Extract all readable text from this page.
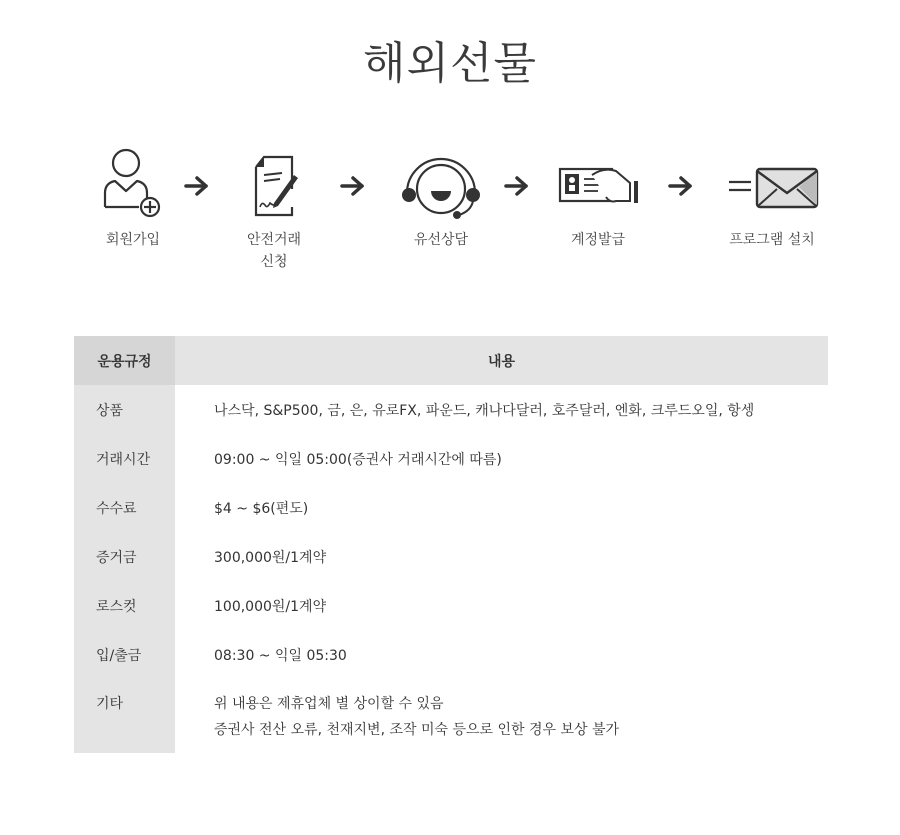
해외선물
회원가입	안전거래
신청
유선상담	계정발급	프로그램 설치
운용규정	내용
상품	나스닥, S&P500, 금, 은, 유로FX, 파운드, 캐나다달러, 호주달러, 엔화, 크루드오일, 항셍
거래시간	09:00 ~ 익일 05:00(증권사 거래시간에 따름)
수수료	$4 ~ $6(편도)
증거금	300,000원/1계약
로스컷	100,000원/1계약
입/출금	08:30 ~ 익일 05:30
기타	위 내용은 제휴업체 별 상이할 수 있음
증권사 전산 오류, 천재지변, 조작 미숙 등으로 인한 경우 보상 불가
